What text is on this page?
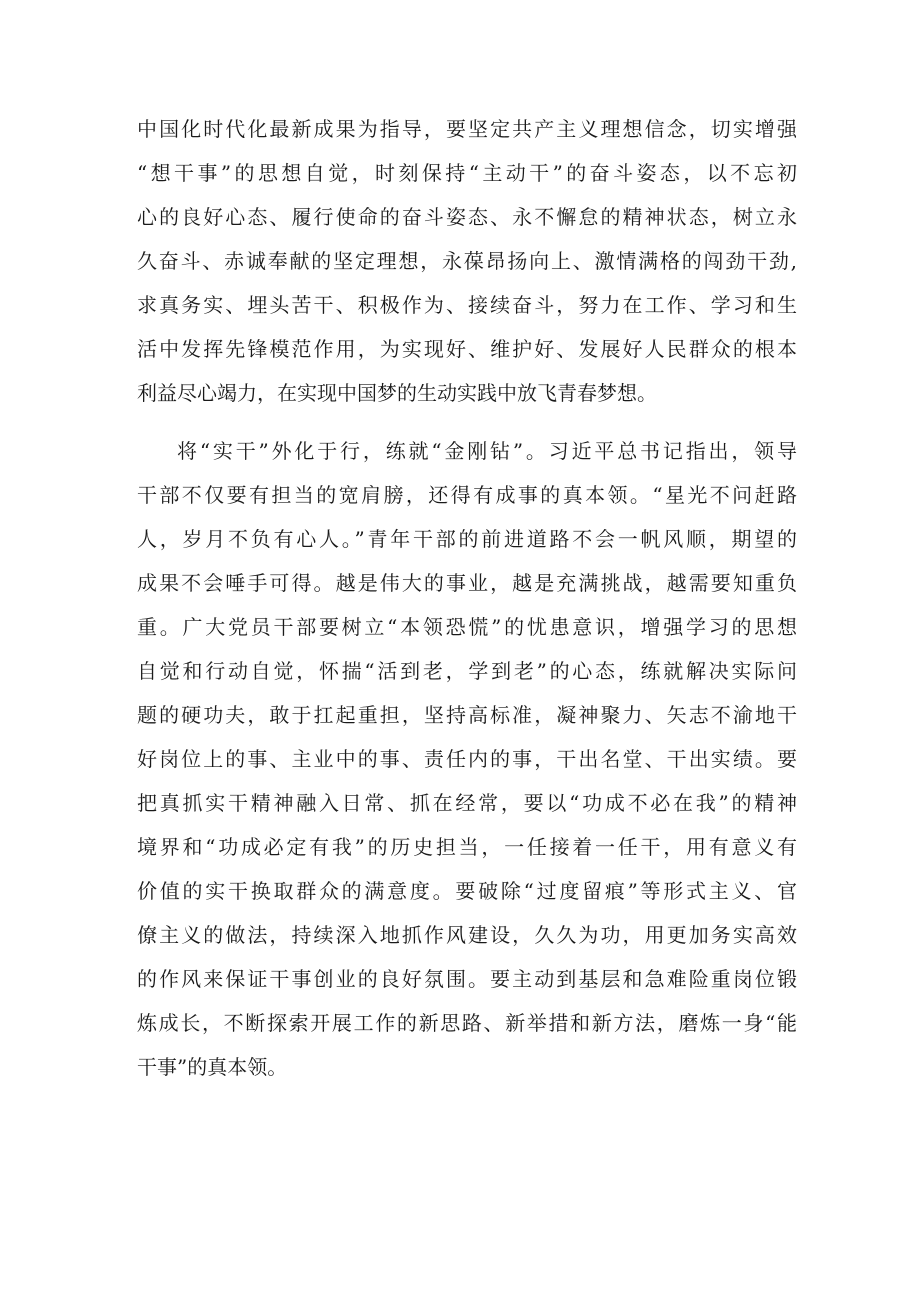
中国化时代化最新成果为指导，要坚定共产主义理想信念，切实增强
“想干事”的思想自觉，时刻保持“主动干”的奋斗姿态，以不忘初
心的良好心态、履行使命的奋斗姿态、永不懈怠的精神状态，树立永
久奋斗、赤诚奉献的坚定理想，永葆昂扬向上、激情满格的闯劲干劲,
求真务实、埋头苦干、积极作为、接续奋斗，努力在工作、学习和生
活中发挥先锋模范作用，为实现好、维护好、发展好人民群众的根本
利益尽心竭力，在实现中国梦的生动实践中放飞青春梦想。
将“实干”外化于行，练就“金刚钻”。习近平总书记指出，领导
干部不仅要有担当的宽肩膀，还得有成事的真本领。“星光不问赶路
人，岁月不负有心人。”青年干部的前进道路不会一帆风顺，期望的
成果不会唾手可得。越是伟大的事业，越是充满挑战，越需要知重负
重。广大党员干部要树立“本领恐慌”的忧患意识，增强学习的思想
自觉和行动自觉，怀揣“活到老，学到老”的心态，练就解决实际问
题的硬功夫，敢于扛起重担，坚持高标准，凝神聚力、矢志不渝地干
好岗位上的事、主业中的事、责任内的事，干出名堂、干出实绩。要
把真抓实干精神融入日常、抓在经常，要以“功成不必在我”的精神
境界和“功成必定有我”的历史担当，一任接着一任干，用有意义有
价值的实干换取群众的满意度。要破除“过度留痕”等形式主义、官
僚主义的做法，持续深入地抓作风建设，久久为功，用更加务实高效
的作风来保证干事创业的良好氛围。要主动到基层和急难险重岗位锻
炼成长，不断探索开展工作的新思路、新举措和新方法，磨炼一身“能
干事”的真本领。
